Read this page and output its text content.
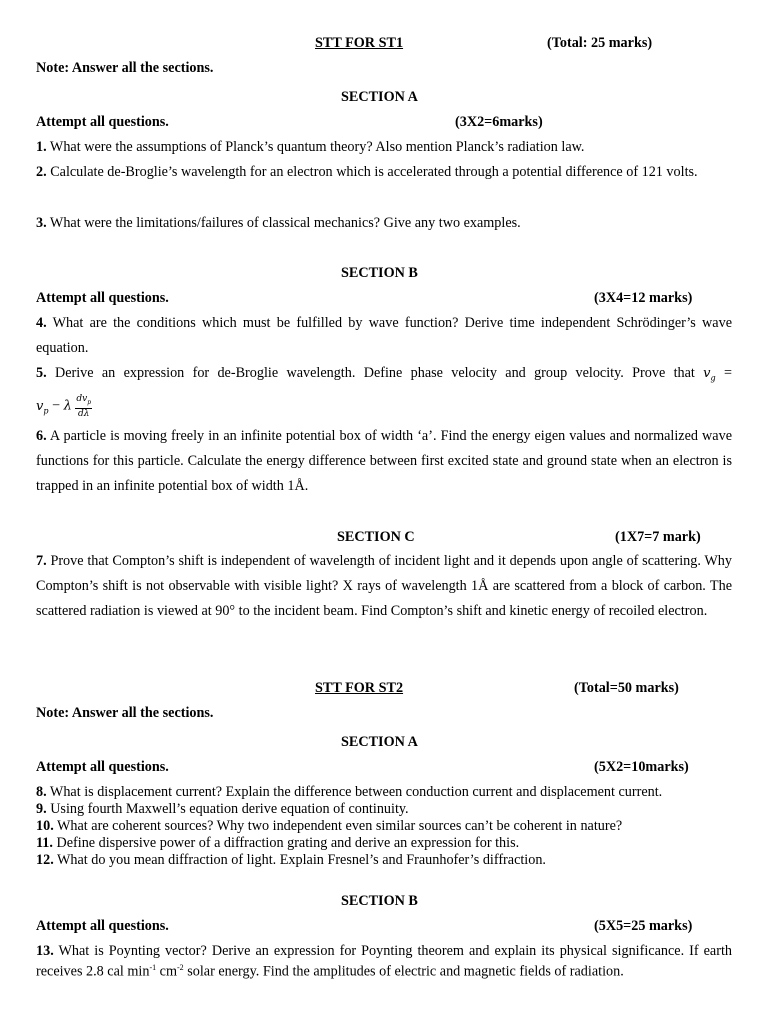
STT FOR ST1	(Total: 25 marks)
Note: Answer all the sections.
SECTION A
Attempt all questions.	(3X2=6marks)
1. What were the assumptions of Planck’s quantum theory? Also mention Planck’s radiation law.
2. Calculate de-Broglie’s wavelength for an electron which is accelerated through a potential difference of 121 volts.
3. What were the limitations/failures of classical mechanics? Give any two examples.
SECTION B
Attempt all questions.	(3X4=12 marks)
4. What are the conditions which must be fulfilled by wave function? Derive time independent Schrödinger’s wave equation.
5. Derive an expression for de-Broglie wavelength. Define phase velocity and group velocity. Prove that $v_g$ =
$v_p - \lambda \frac{dv_p}{d\lambda}$
6. A particle is moving freely in an infinite potential box of width ‘a’. Find the energy eigen values and normalized wave functions for this particle. Calculate the energy difference between first excited state and ground state when an electron is trapped in an infinite potential box of width 1Å.
SECTION C	(1X7=7 mark)
7. Prove that Compton’s shift is independent of wavelength of incident light and it depends upon angle of scattering. Why Compton’s shift is not observable with visible light? X rays of wavelength 1Å are scattered from a block of carbon. The scattered radiation is viewed at 90° to the incident beam. Find Compton’s shift and kinetic energy of recoiled electron.
STT FOR ST2	(Total=50 marks)
Note: Answer all the sections.
SECTION A
Attempt all questions.	(5X2=10marks)
8. What is displacement current? Explain the difference between conduction current and displacement current.
9. Using fourth Maxwell’s equation derive equation of continuity.
10. What are coherent sources? Why two independent even similar sources can’t be coherent in nature?
11. Define dispersive power of a diffraction grating and derive an expression for this.
12. What do you mean diffraction of light. Explain Fresnel’s and Fraunhofer’s diffraction.
SECTION B
Attempt all questions.	(5X5=25 marks)
13. What is Poynting vector? Derive an expression for Poynting theorem and explain its physical significance. If earth receives 2.8 cal $\min^{-1} cm^{-2}$ solar energy. Find the amplitudes of electric and magnetic fields of radiation.
